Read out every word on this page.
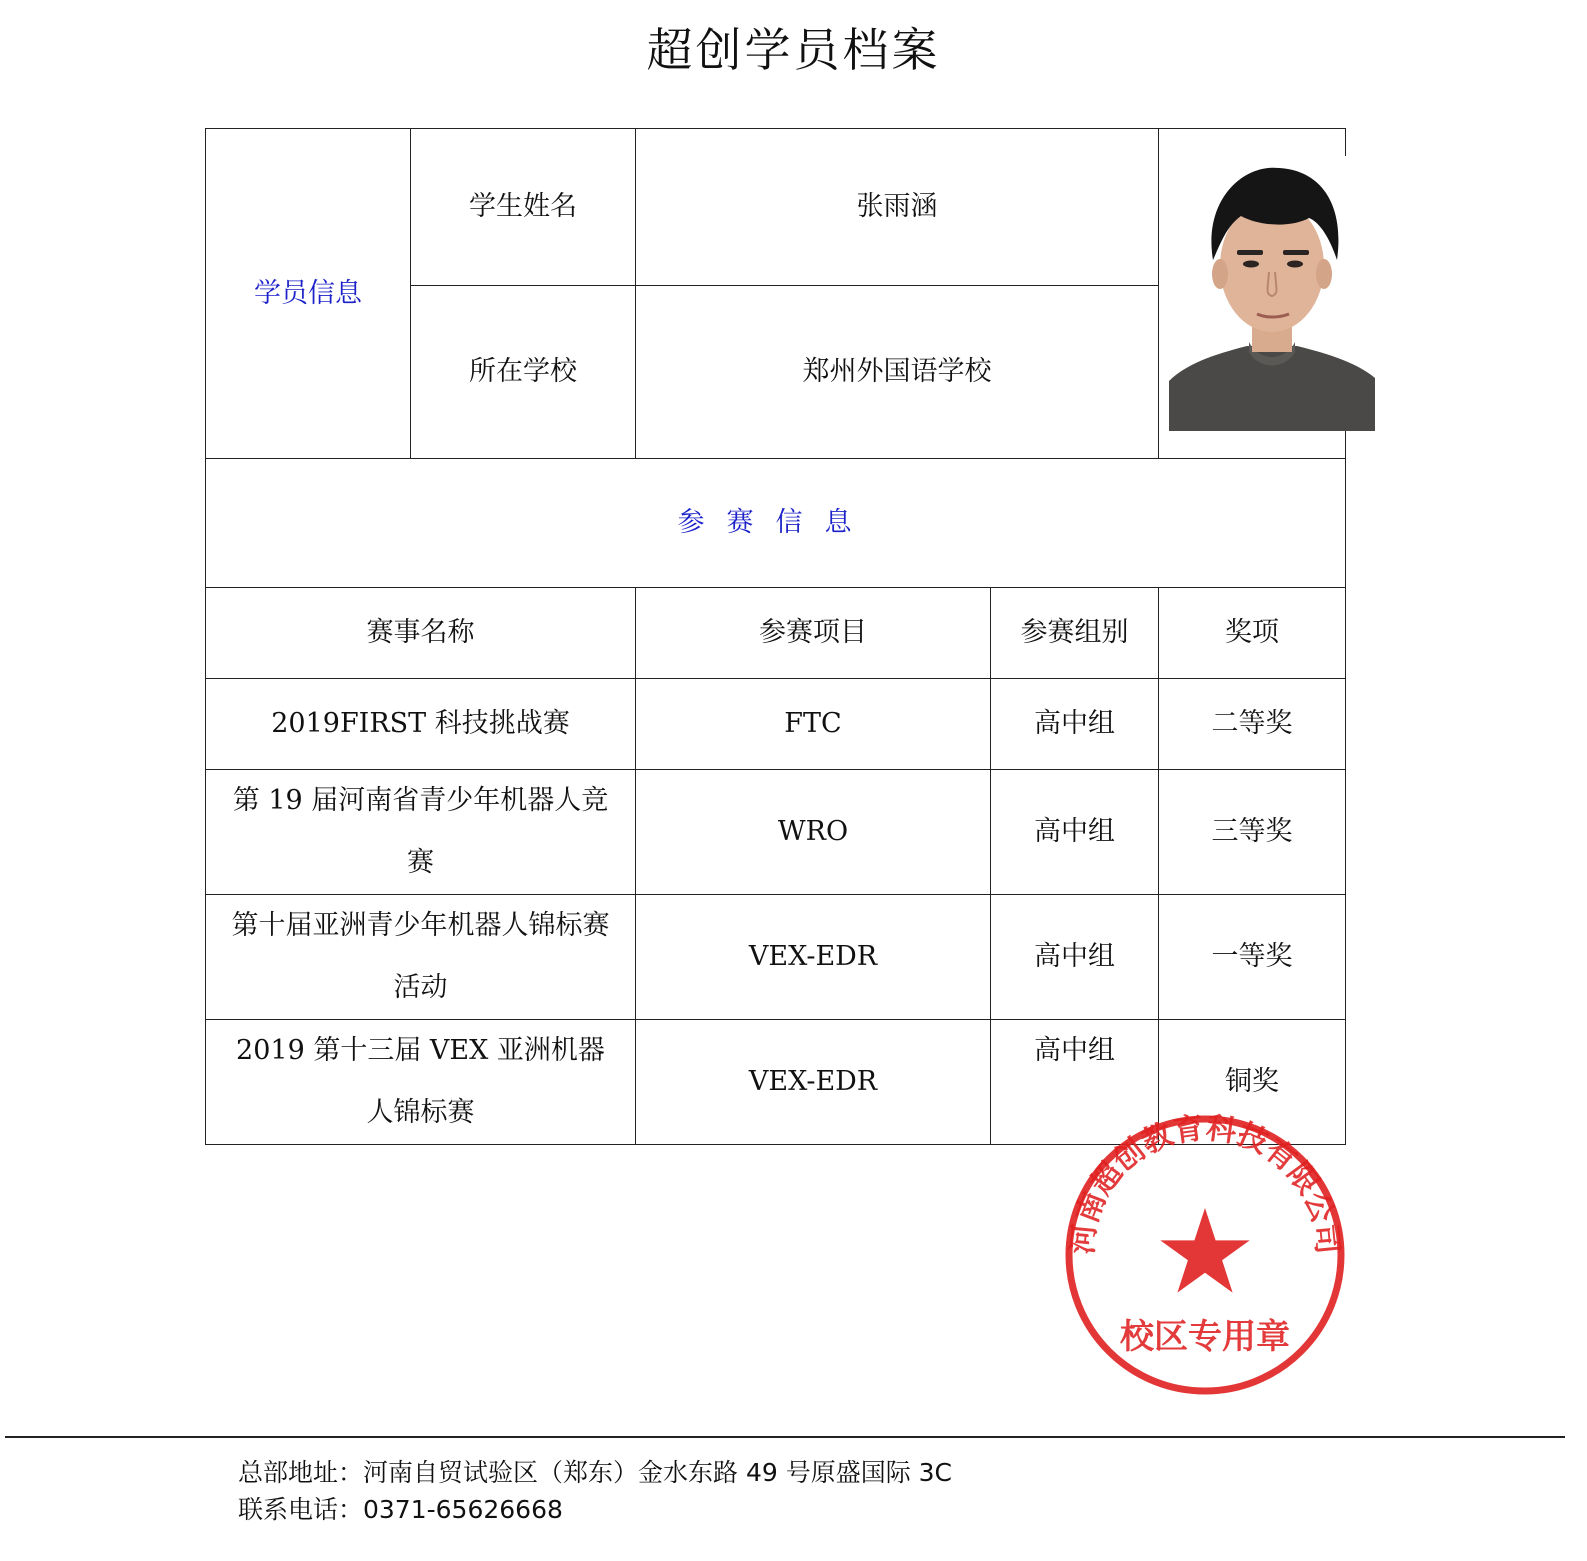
超创学员档案
学员信息	学生姓名	张雨涵	

	所在学校	郑州外国语学校		
参赛信息				
赛事名称		参赛项目	参赛组别	奖项
2019FIRST 科技挑战赛		FTC	高中组	二等奖
第 19 届河南省青少年机器人竞赛		WRO	高中组	三等奖
第十届亚洲青少年机器人锦标赛活动		VEX-EDR	高中组	一等奖
2019 第十三届 VEX 亚洲机器人锦标赛		VEX-EDR	高中组	铜奖
河南超创教育科技有限公司
校区专用章
总部地址：河南自贸试验区（郑东）金水东路 49 号原盛国际 3C
联系电话：0371-65626668
